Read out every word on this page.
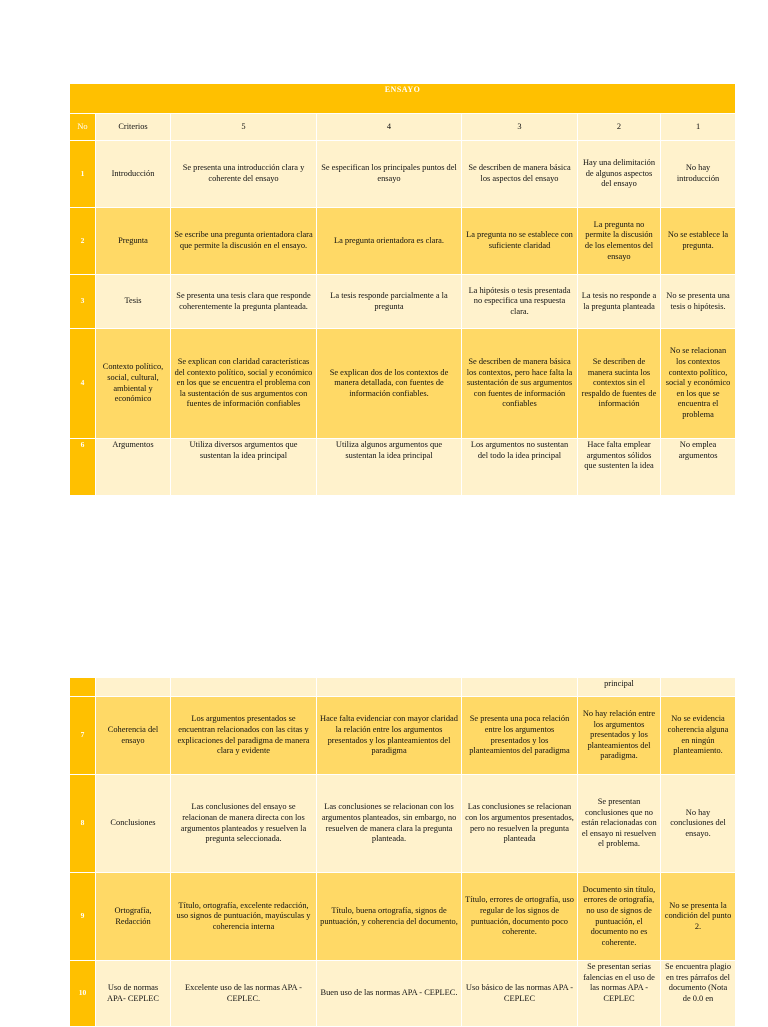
ENSAYO						
No	Criterios	5	4	3	2	1
1	Introducción	Se presenta una introducción clara y coherente del ensayo	Se especifican los principales puntos del ensayo	Se describen de manera básica los aspectos del ensayo	Hay una delimitación de algunos aspectos del ensayo	No hay introducción
2	Pregunta	Se escribe una pregunta orientadora clara que permite la discusión en el ensayo.	La pregunta orientadora es clara.	La pregunta no se establece con suficiente claridad	La pregunta no permite la discusión de los elementos del ensayo	No se establece la pregunta.
3	Tesis	Se presenta una tesis clara que responde coherentemente la pregunta planteada.	La tesis responde parcialmente a la pregunta	La hipótesis o tesis presentada no especifica una respuesta clara.	La tesis no responde a la pregunta planteada	No se presenta una tesis o hipótesis.
4	Contexto político, social, cultural, ambiental y económico	Se explican con claridad características del contexto político, social y económico en los que se encuentra el problema con la sustentación de sus argumentos con fuentes de información confiables	Se explican dos de los contextos de manera detallada, con fuentes de información confiables.	Se describen de manera básica los contextos, pero hace falta la sustentación de sus argumentos con fuentes de información confiables	Se describen de manera sucinta los contextos sin el respaldo de fuentes de información	No se relacionan los contextos contexto político, social y económico en los que se encuentra el problema
6	Argumentos	Utiliza diversos argumentos que sustentan la idea principal	Utiliza algunos argumentos que sustentan la idea principal	Los argumentos no sustentan del todo la idea principal	Hace falta emplear argumentos sólidos que sustenten la idea	No emplea argumentos
					principal	
7	Coherencia del ensayo	Los argumentos presentados se encuentran relacionados con las citas y explicaciones del paradigma de manera clara y evidente	Hace falta evidenciar con mayor claridad la relación entre los argumentos presentados y los planteamientos del paradigma	Se presenta una poca relación entre los argumentos presentados y los planteamientos del paradigma	No hay relación entre los argumentos presentados y los planteamientos del paradigma.	No se evidencia coherencia alguna en ningún planteamiento.
8	Conclusiones	Las conclusiones del ensayo se relacionan de manera directa con los argumentos planteados y resuelven la pregunta seleccionada.	Las conclusiones se relacionan con los argumentos planteados, sin embargo, no resuelven de manera clara la pregunta planteada.	Las conclusiones se relacionan con los argumentos presentados, pero no resuelven la pregunta planteada	Se presentan conclusiones que no están relacionadas con el ensayo ni resuelven el problema.	No hay conclusiones del ensayo.
9	Ortografía, Redacción	Título, ortografía, excelente redacción, uso signos de puntuación, mayúsculas y coherencia interna	Título, buena ortografía, signos de puntuación, y coherencia del documento,	Título, errores de ortografía, uso regular de los signos de puntuación, documento poco coherente.	Documento sin título, errores de ortografía, no uso de signos de puntuación, el documento no es coherente.	No se presenta la condición del punto 2.
10	Uso de normas APA- CEPLEC	Excelente uso de las normas APA - CEPLEC.	Buen uso de las normas APA - CEPLEC.	Uso básico de las normas APA - CEPLEC	Se presentan serias falencias en el uso de las normas APA - CEPLEC	Se encuentra plagio en tres párrafos del documento (Nota de 0.0 en
